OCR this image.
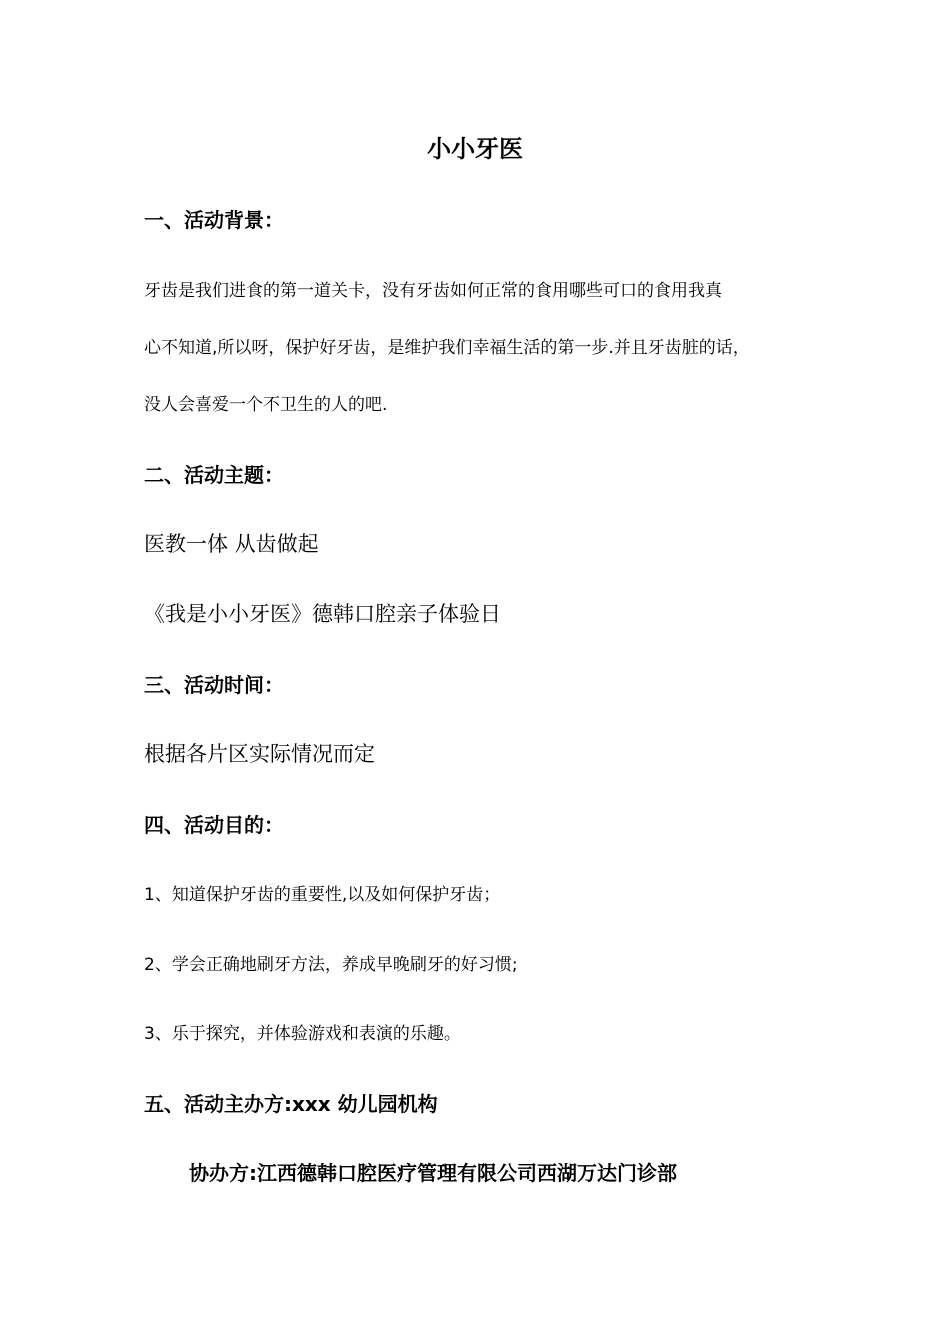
小小牙医
一、活动背景：
牙齿是我们进食的第一道关卡，没有牙齿如何正常的食用哪些可口的食用我真
心不知道,所以呀，保护好牙齿，是维护我们幸福生活的第一步.并且牙齿脏的话，
没人会喜爱一个不卫生的人的吧.
二、活动主题：
医教一体 从齿做起
《我是小小牙医》德韩口腔亲子体验日
三、活动时间：
根据各片区实际情况而定
四、活动目的：
1、知道保护牙齿的重要性,以及如何保护牙齿；
2、学会正确地刷牙方法，养成早晚刷牙的好习惯;
3、乐于探究，并体验游戏和表演的乐趣。
五、活动主办方:xxx 幼儿园机构
协办方:江西德韩口腔医疗管理有限公司西湖万达门诊部
